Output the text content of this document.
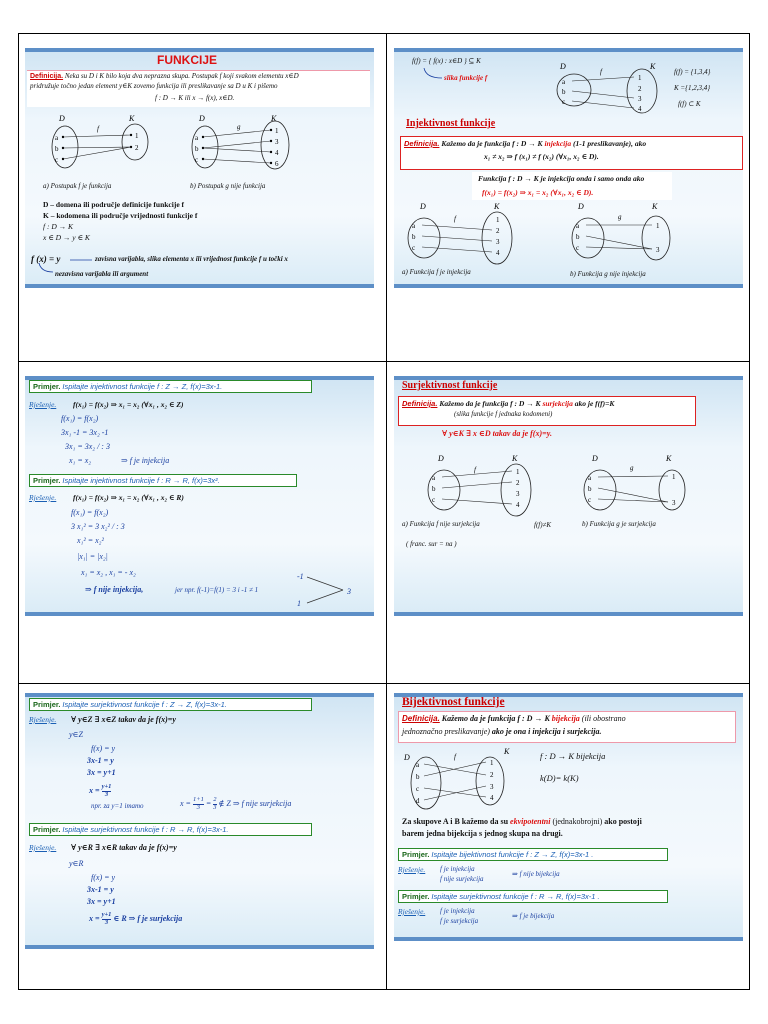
FUNKCIJE
Definicija. Neka su D i K bilo koja dva neprazna skupa. Postupak f koji svakom elementu x∈D
pridružuje točno jedan element y∈K zovemo funkcija ili preslikavanje sa D u K i pišemo
f : D → K ili x → f(x), x∈D.
D	K
a
b
c
1
2
f
D	K
a
b
c
1
3
4
6
g
a) Postupak f je funkcija	b) Postupak g nije funkcija
D – domena ili područje definicije funkcije f
K – kodomena ili područje vrijednosti funkcije f
f : D → K
x ∈ D → y ∈ K
f (x) = y	zavisna varijabla, slika elementa x ili vrijednost funkcije f u točki x
nezavisna varijabla ili argument
f(f) = { f(x) : x∈D } ⊆ K
slika funkcije f
D	K
a
b
c
1
2
3
4
f	f(f) = {1,3,4}
K ={1,2,3,4}
f(f) ⊂ K
Injektivnost funkcije
Definicija. Kažemo da je funkcija f : D → K injekcija (1-1 preslikavanje), ako
x₁ ≠ x₂ ⇒ f (x₁) ≠ f (x₂) (∀x₁, x₂ ∈ D).
Funkcija f : D → K je injekcija onda i samo onda ako
f(x₁) = f(x₂) ⇒ x₁ = x₂ (∀x₁, x₂ ∈ D).
D	K
a
b
c
1
2
3
4
f
D	K
a
b
c
1
3
g
a) Funkcija f je injekcija	b) Funkcija g nije injekcija
Primjer. Ispitajte injektivnost funkcije f : Z → Z, f(x)=3x-1.
Rješenje. f(x₁) = f(x₂) ⇒ x₁ = x₂ (∀x₁ , x₂ ∈ Z)
f(x₁) = f(x₂)
3x₁ -1 = 3x₂ -1
3x₁ = 3x₂ / : 3
x₁ = x₂	⇒ f je injekcija
Primjer. Ispitajte injektivnost funkcije f : R → R, f(x)=3x².
Rješenje. f(x₁) = f(x₂) ⇒ x₁ = x₂ (∀x₁ , x₂ ∈ R)
f(x₁) = f(x₂)
3 x₁² = 3 x₂² / : 3
x₁² = x₂²
|x₁| = |x₂|
x₁ = x₂ , x₁ = - x₂
⇒ f nije injekcija,	jer npr. f(-1)=f(1) = 3 i -1 ≠ 1
-1
1
3
Surjektivnost funkcije
Definicija. Kažemo da je funkcija f : D → K surjekcija ako je f(f)=K
(slika funkcije f jednaka kodomeni)
∀ y∈K ∃ x ∈D takav da je f(x)=y.
D	K
a
b
c
1
2
3
4
f
D	K
a
b
c
1
3
g
a) Funkcija f nije surjekcija	f(f)≠K	b) Funkcija g je surjekcija
( franc. sur = na )
Primjer. Ispitajte surjektivnost funkcije f : Z → Z, f(x)=3x-1.
Rješenje. ∀ y∈Z ∃ x∈Z takav da je f(x)=y
y∈Z
f(x) = y
3x-1 = y
3x = y+1
$x = \frac{y+1}{3}$
npr. za y=1 imamo	$x = \frac{1+1}{3} = \frac{2}{3}$ ∉ Z ⇒ f nije surjekcija
Primjer. Ispitajte surjektivnost funkcije f : R → R, f(x)=3x-1.
Rješenje. ∀ y∈R ∃ x∈R takav da je f(x)=y
y∈R
f(x) = y
3x-1 = y
3x = y+1
$x = \frac{y+1}{3}$ ∈ R ⇒ f je surjekcija
Bijektivnost funkcije
Definicija. Kažemo da je funkcija f : D → K bijekcija (ili obostrano
jednoznačno preslikavanje) ako je ona i injekcija i surjekcija.
D
K
a
b
c
d
1
2
3
4
f	f : D → K bijekcija
k(D)= k(K)
Za skupove A i B kažemo da su ekvipotentni (jednakobrojni) ako postoji
barem jedna bijekcija s jednog skupa na drugi.
Primjer. Ispitajte bijektivnost funkcije f : Z → Z, f(x)=3x-1 .
Rješenje. f je injekcija
f nije surjekcija
⇒ f nije bijekcija
Primjer. Ispitajte surjektivnost funkcije f : R → R, f(x)=3x-1 .
Rješenje. f je injekcija
f je surjekcija
⇒ f je bijekcija
